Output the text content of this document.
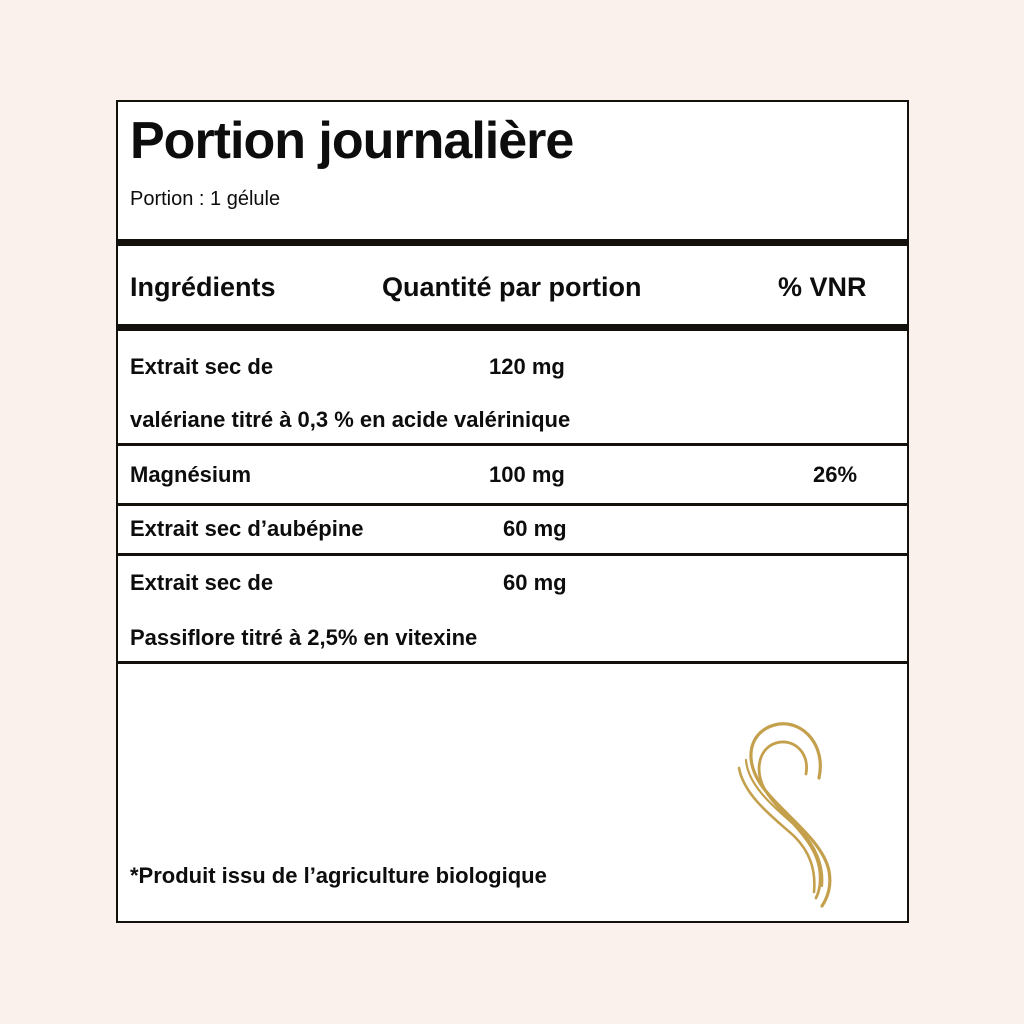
Portion journalière
Portion : 1 gélule
Ingrédients	Quantité par portion	% VNR
Extrait sec de	120 mg
valériane titré à 0,3 % en acide valérinique
Magnésium	100 mg	26%
Extrait sec d’aubépine	60 mg
Extrait sec de	60 mg
Passiflore titré à 2,5% en vitexine
*Produit issu de l’agriculture biologique
